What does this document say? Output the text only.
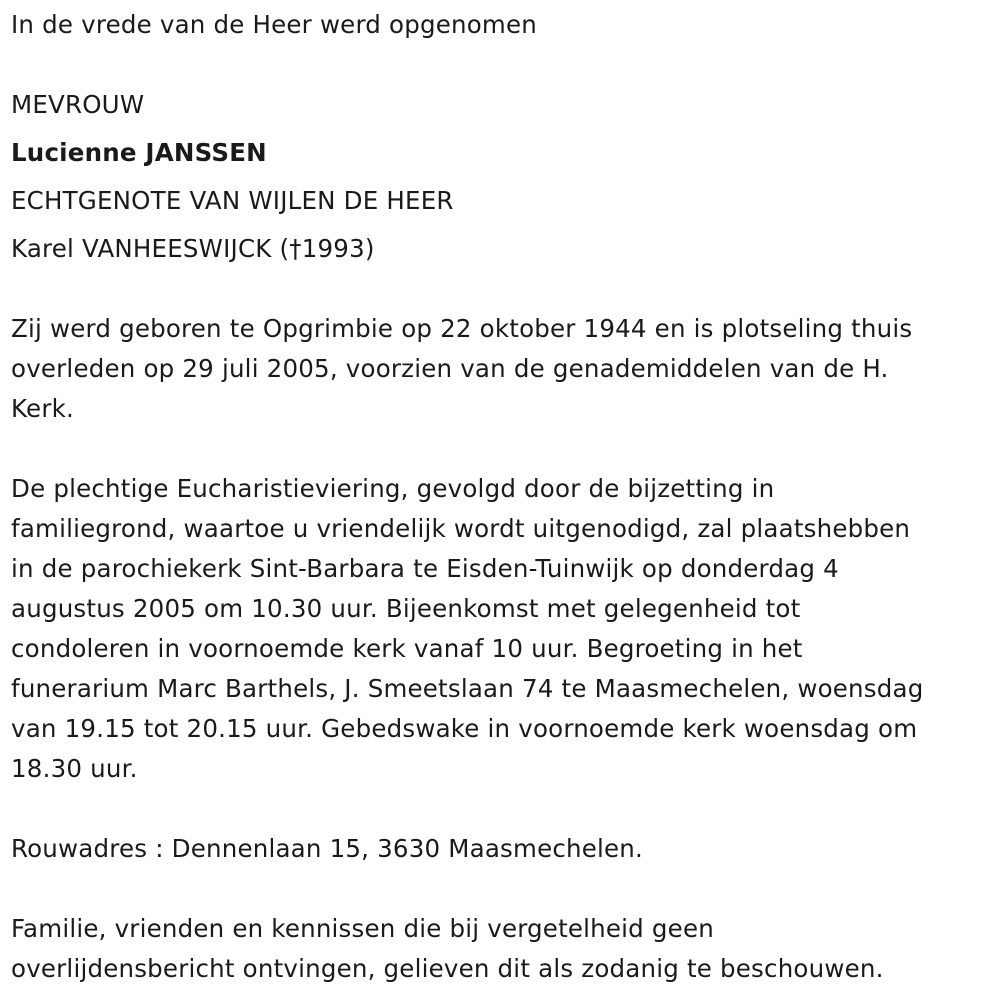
In de vrede van de Heer werd opgenomen
MEVROUW
Lucienne JANSSEN
ECHTGENOTE VAN WIJLEN DE HEER
Karel VANHEESWIJCK (†1993)
Zij werd geboren te Opgrimbie op 22 oktober 1944 en is plotseling thuis
overleden op 29 juli 2005, voorzien van de genademiddelen van de H.
Kerk.
De plechtige Eucharistieviering, gevolgd door de bijzetting in
familiegrond, waartoe u vriendelijk wordt uitgenodigd, zal plaatshebben
in de parochiekerk Sint-Barbara te Eisden-Tuinwijk op donderdag 4
augustus 2005 om 10.30 uur. Bijeenkomst met gelegenheid tot
condoleren in voornoemde kerk vanaf 10 uur. Begroeting in het
funerarium Marc Barthels, J. Smeetslaan 74 te Maasmechelen, woensdag
van 19.15 tot 20.15 uur. Gebedswake in voornoemde kerk woensdag om
18.30 uur.
Rouwadres : Dennenlaan 15, 3630 Maasmechelen.
Familie, vrienden en kennissen die bij vergetelheid geen
overlijdensbericht ontvingen, gelieven dit als zodanig te beschouwen.
